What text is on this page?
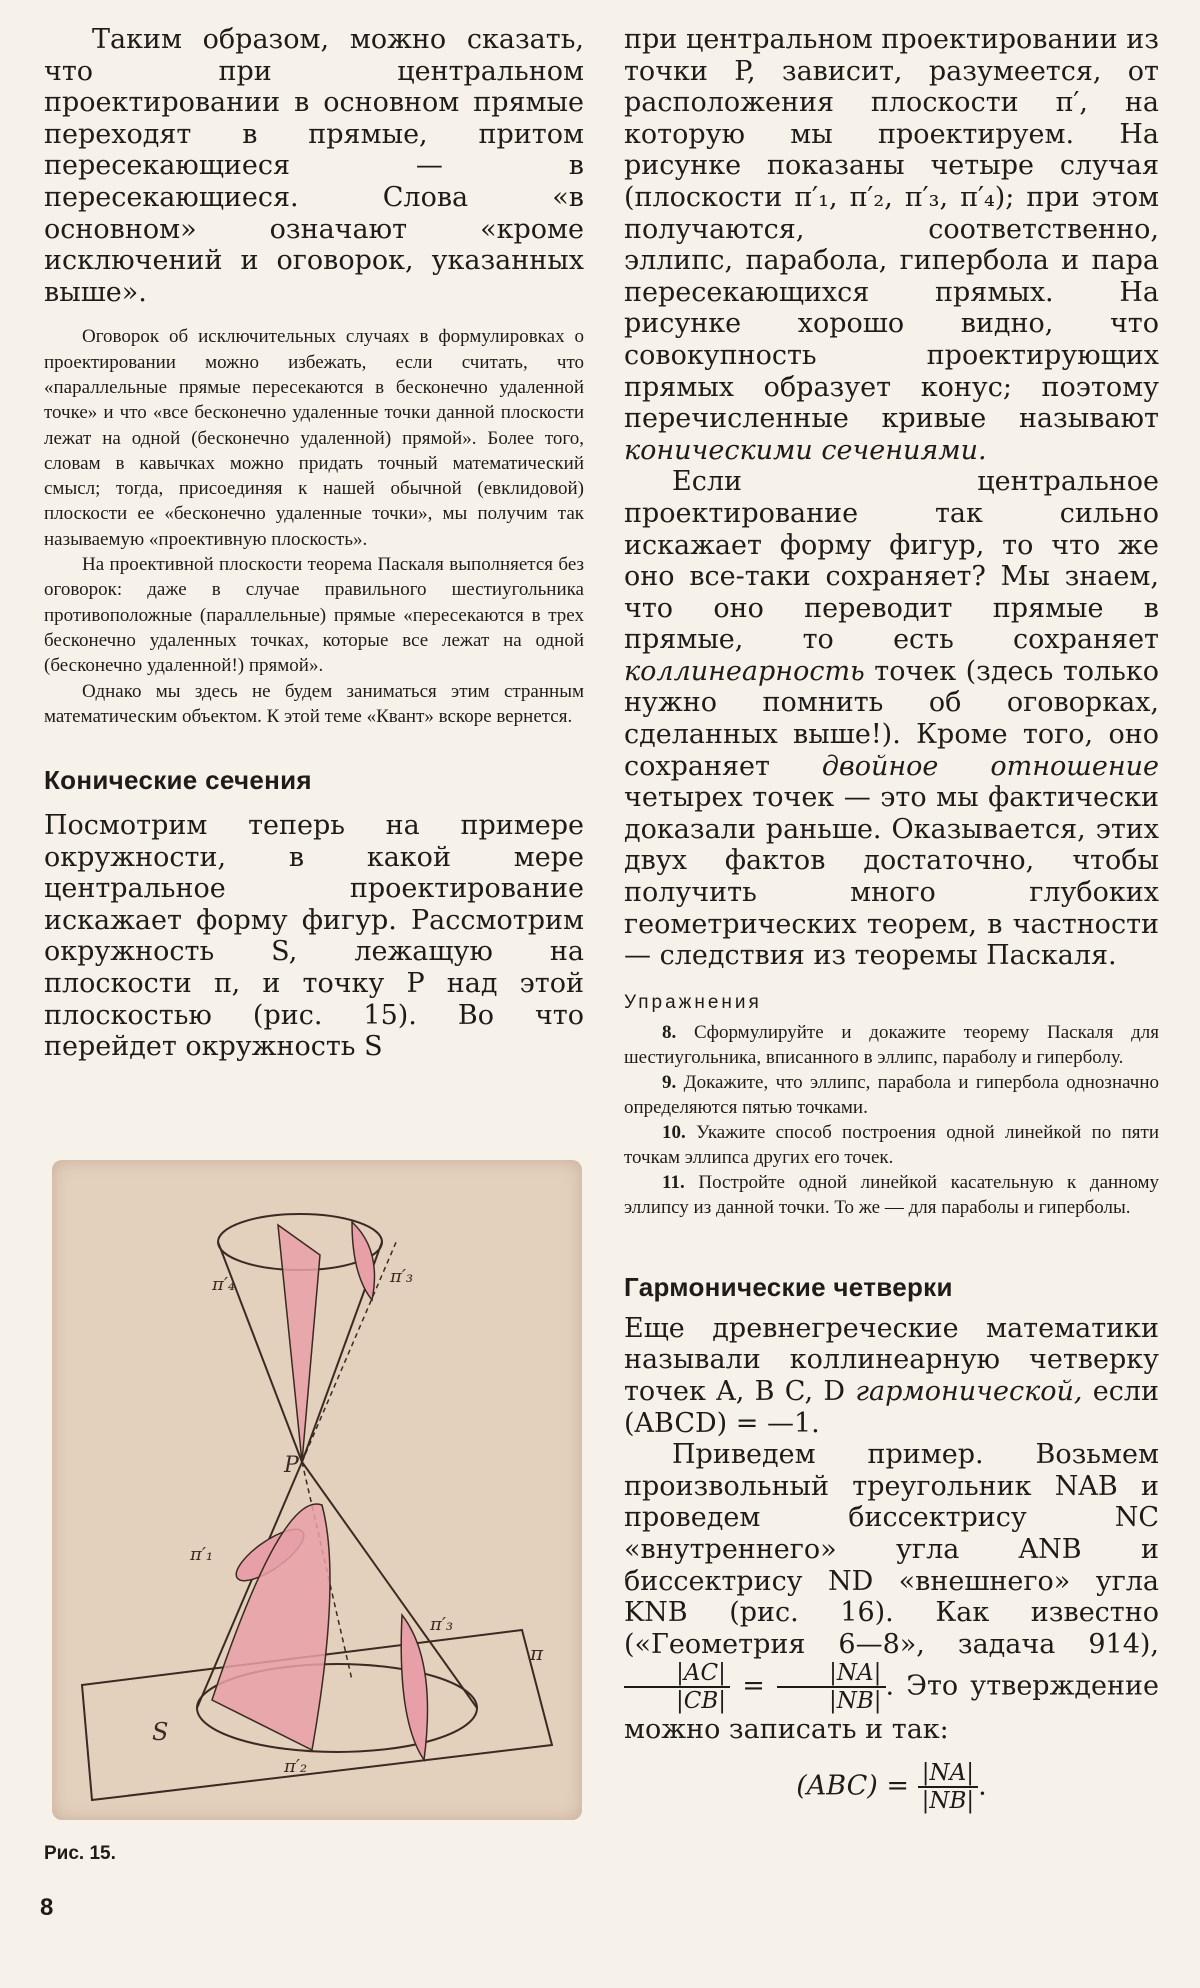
Таким образом, можно сказать, что при центральном проектировании в основном прямые переходят в прямые, притом пересекающиеся — в пересекающиеся. Слова «в основном» означают «кроме исключений и оговорок, указанных выше».

Оговорок об исключительных случаях в формулировках о проектировании можно избежать, если считать, что «параллельные прямые пересекаются в бесконечно удаленной точке» и что «все бесконечно удаленные точки данной плоскости лежат на одной (бесконечно удаленной) прямой». Более того, словам в кавычках можно придать точный математический смысл; тогда, присоединяя к нашей обычной (евклидовой) плоскости ее «бесконечно удаленные точки», мы получим так называемую «проективную плоскость».

На проективной плоскости теорема Паскаля выполняется без оговорок: даже в случае правильного шестиугольника противоположные (параллельные) прямые «пересекаются в трех бесконечно удаленных точках, которые все лежат на одной (бесконечно удаленной!) прямой».

Однако мы здесь не будем заниматься этим странным математическим объектом. К этой теме «Квант» вскоре вернется.

Конические сечения

Посмотрим теперь на примере окружности, в какой мере центральное проектирование искажает форму фигур. Рассмотрим окружность S, лежащую на плоскости π, и точку P над этой плоскостью (рис. 15). Во что перейдет окружность S

P
S
π
π′₁
π′₂
π′₃
π′₃
π′₄
Рис. 15.
8

при центральном проектировании из точки P, зависит, разумеется, от расположения плоскости π′, на которую мы проектируем. На рисунке показаны четыре случая (плоскости π′₁, π′₂, π′₃, π′₄); при этом получаются, соответственно, эллипс, парабола, гипербола и пара пересекающихся прямых. На рисунке хорошо видно, что совокупность проектирующих прямых образует конус; поэтому перечисленные кривые называют коническими сечениями.

Если центральное проектирование так сильно искажает форму фигур, то что же оно все-таки сохраняет? Мы знаем, что оно переводит прямые в прямые, то есть сохраняет коллинеарность точек (здесь только нужно помнить об оговорках, сделанных выше!). Кроме того, оно сохраняет двойное отношение четырех точек — это мы фактически доказали раньше. Оказывается, этих двух фактов достаточно, чтобы получить много глубоких геометрических теорем, в частности — следствия из теоремы Паскаля.

Упражнения

8. Сформулируйте и докажите теорему Паскаля для шестиугольника, вписанного в эллипс, параболу и гиперболу.

9. Докажите, что эллипс, парабола и гипербола однозначно определяются пятью точками.

10. Укажите способ построения одной линейкой по пяти точкам эллипса других его точек.

11. Постройте одной линейкой касательную к данному эллипсу из данной точки. То же — для параболы и гиперболы.

Гармонические четверки

Еще древнегреческие математики называли коллинеарную четверку точек A, B C, D гармонической, если (ABCD) = —1.

Приведем пример. Возьмем произвольный треугольник NAB и проведем биссектрису NC «внутреннего» угла ANB и биссектрису ND «внешнего» угла KNB (рис. 16). Как известно («Геометрия 6—8», задача 914),
$\frac{|AC|}{|CB|} = \frac{|NA|}{|NB|}$ . Это утверждение можно записать и так:

$(ABC) = \frac{|NA|}{|NB|}$ .
